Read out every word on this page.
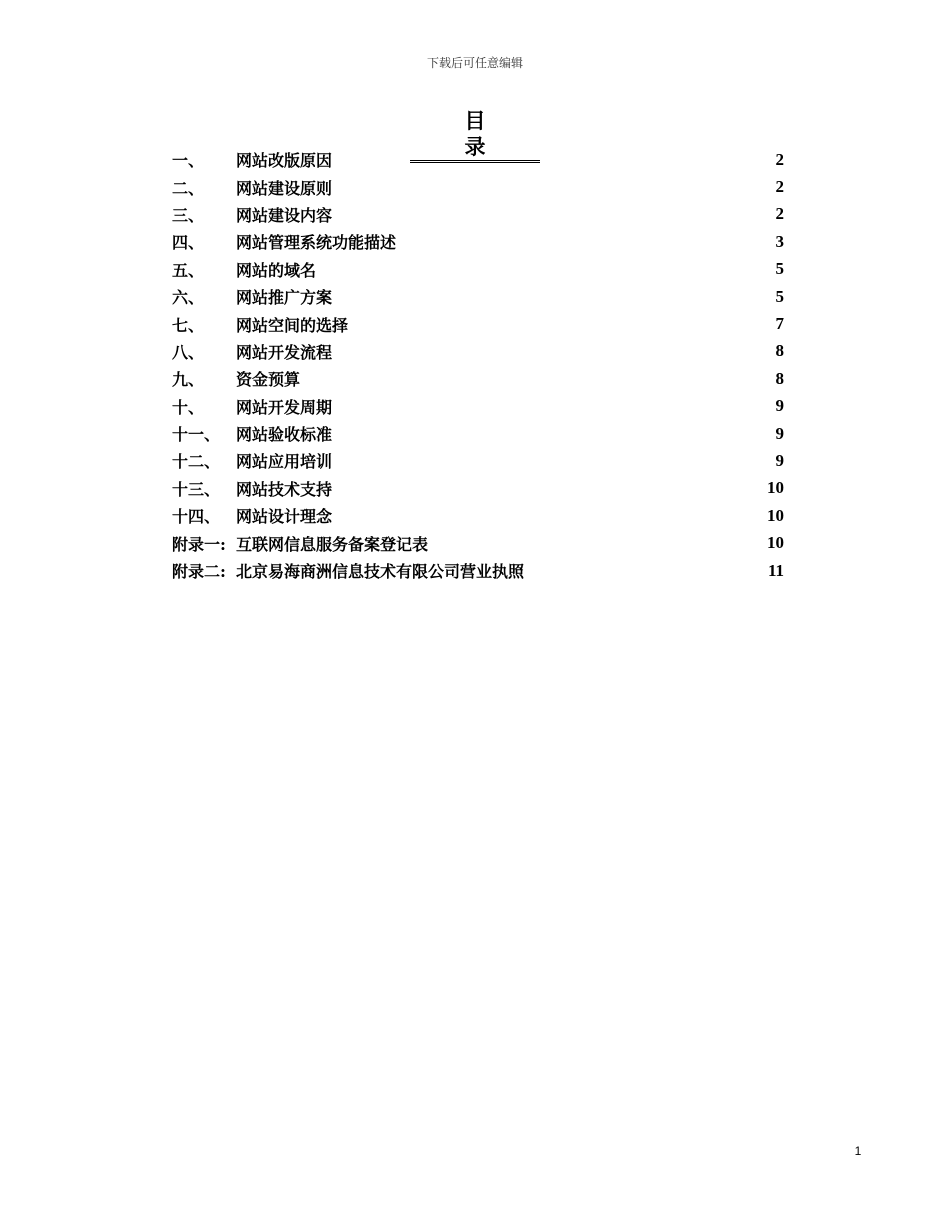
下载后可任意编辑
目录
一、	网站改版原因	2
二、	网站建设原则	2
三、	网站建设内容	2
四、	网站管理系统功能描述	3
五、	网站的域名	5
六、	网站推广方案	5
七、	网站空间的选择	7
八、	网站开发流程	8
九、	资金预算	8
十、	网站开发周期	9
十一、 网站验收标准	9
十二、 网站应用培训	9
十三、 网站技术支持	10
十四、 网站设计理念	10
附录一: 互联网信息服务备案登记表	10
附录二: 北京易海商洲信息技术有限公司营业执照	11
1
